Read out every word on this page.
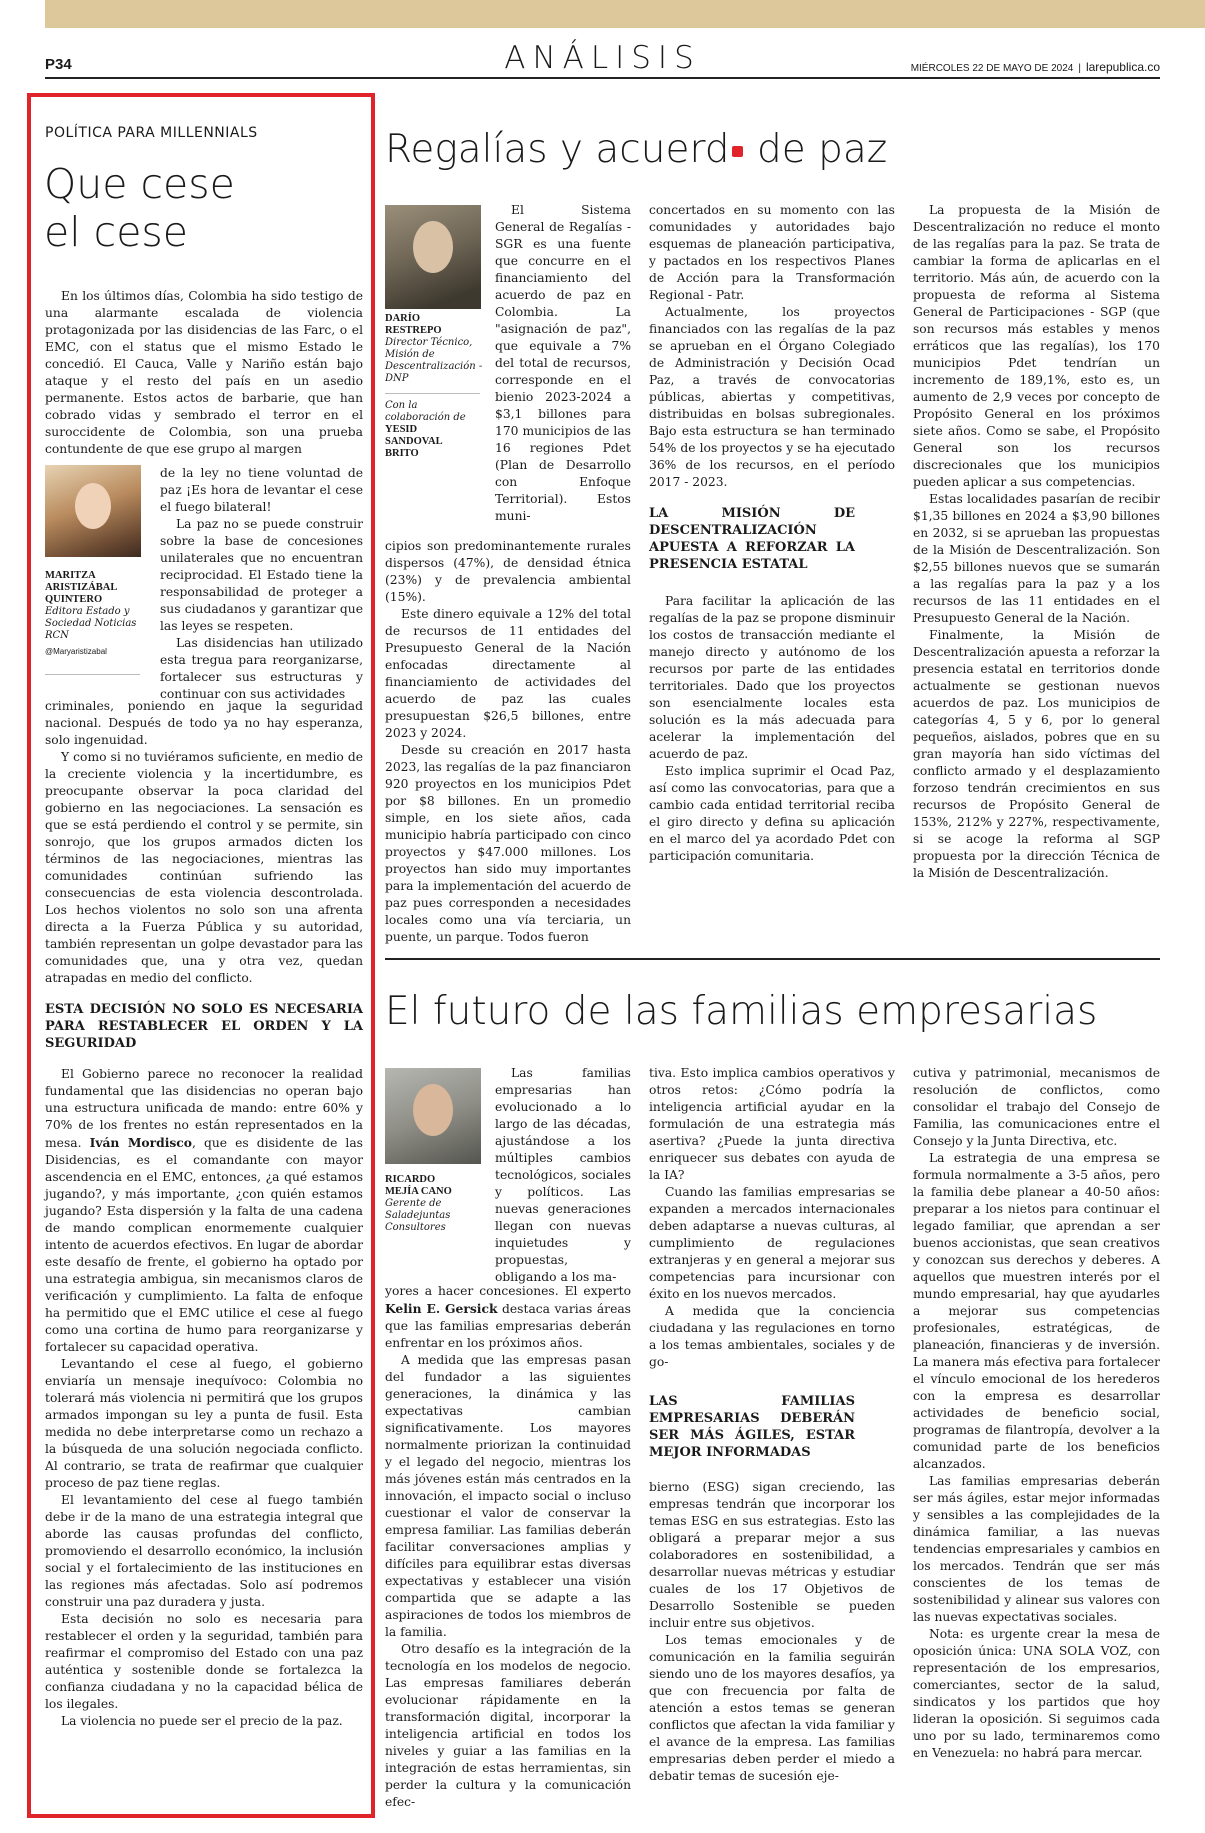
P34	ANÁLISIS	MIÉRCOLES 22 DE MAYO DE 2024 | larepublica.co
POLÍTICA PARA MILLENNIALS
Que cese
el cese

En los últimos días, Colombia ha sido testigo de una alarmante escalada de violencia protagonizada por las disidencias de las Farc, o el EMC, con el status que el mismo Estado le concedió. El Cauca, Valle y Nariño están bajo ataque y el resto del país en un asedio permanente. Estos actos de barbarie, que han cobrado vidas y sembrado el terror en el suroccidente de Colombia, son una prueba contundente de que ese grupo al margen

MARITZA
ARISTIZÁBAL
QUINTERO
Editora Estado y Sociedad Noticias RCN
@Maryaristizabal

de la ley no tiene voluntad de paz ¡Es hora de levantar el cese el fuego bilateral!

La paz no se puede construir sobre la base de concesiones unilaterales que no encuentran reciprocidad. El Estado tiene la responsabilidad de proteger a sus ciudadanos y garantizar que las leyes se respeten.

Las disidencias han utilizado esta tregua para reorganizarse, fortalecer sus estructuras y continuar con sus actividades

criminales, poniendo en jaque la seguridad nacional. Después de todo ya no hay esperanza, solo ingenuidad.

Y como si no tuviéramos suficiente, en medio de la creciente violencia y la incertidumbre, es preocupante observar la poca claridad del gobierno en las negociaciones. La sensación es que se está perdiendo el control y se permite, sin sonrojo, que los grupos armados dicten los términos de las negociaciones, mientras las comunidades continúan sufriendo las consecuencias de esta violencia descontrolada. Los hechos violentos no solo son una afrenta directa a la Fuerza Pública y su autoridad, también representan un golpe devastador para las comunidades que, una y otra vez, quedan atrapadas en medio del conflicto.

ESTA DECISIÓN NO SOLO ES NECESARIA PARA RESTABLECER EL ORDEN Y LA SEGURIDAD

El Gobierno parece no reconocer la realidad fundamental que las disidencias no operan bajo una estructura unificada de mando: entre 60% y 70% de los frentes no están representados en la mesa. Iván Mordisco, que es disidente de las Disidencias, es el comandante con mayor ascendencia en el EMC, entonces, ¿a qué estamos jugando?, y más importante, ¿con quién estamos jugando? Esta dispersión y la falta de una cadena de mando complican enormemente cualquier intento de acuerdos efectivos. En lugar de abordar este desafío de frente, el gobierno ha optado por una estrategia ambigua, sin mecanismos claros de verificación y cumplimiento. La falta de enfoque ha permitido que el EMC utilice el cese al fuego como una cortina de humo para reorganizarse y fortalecer su capacidad operativa.

Levantando el cese al fuego, el gobierno enviaría un mensaje inequívoco: Colombia no tolerará más violencia ni permitirá que los grupos armados impongan su ley a punta de fusil. Esta medida no debe interpretarse como un rechazo a la búsqueda de una solución negociada conflicto. Al contrario, se trata de reafirmar que cualquier proceso de paz tiene reglas.

El levantamiento del cese al fuego también debe ir de la mano de una estrategia integral que aborde las causas profundas del conflicto, promoviendo el desarrollo económico, la inclusión social y el fortalecimiento de las instituciones en las regiones más afectadas. Solo así podremos construir una paz duradera y justa.

Esta decisión no solo es necesaria para restablecer el orden y la seguridad, también para reafirmar el compromiso del Estado con una paz auténtica y sostenible donde se fortalezca la confianza ciudadana y no la capacidad bélica de los ilegales.

La violencia no puede ser el precio de la paz.

Regalías y acuerd de paz
DARÍO
RESTREPO
Director Técnico, Misión de Descentralización - DNP
Con la colaboración de
YESID
SANDOVAL
BRITO

El Sistema General de Regalías - SGR es una fuente que concurre en el financiamiento del acuerdo de paz en Colombia. La "asignación de paz", que equivale a 7% del total de recursos, corresponde en el bienio 2023-2024 a $3,1 billones para 170 municipios de las 16 regiones Pdet (Plan de Desarrollo con Enfoque Territorial). Estos muni-

cipios son predominantemente rurales dispersos (47%), de densidad étnica (23%) y de prevalencia ambiental (15%).

Este dinero equivale a 12% del total de recursos de 11 entidades del Presupuesto General de la Nación enfocadas directamente al financiamiento de actividades del acuerdo de paz las cuales presupuestan $26,5 billones, entre 2023 y 2024.

Desde su creación en 2017 hasta 2023, las regalías de la paz financiaron 920 proyectos en los municipios Pdet por $8 billones. En un promedio simple, en los siete años, cada municipio habría participado con cinco proyectos y $47.000 millones. Los proyectos han sido muy importantes para la implementación del acuerdo de paz pues corresponden a necesidades locales como una vía terciaria, un puente, un parque. Todos fueron

concertados en su momento con las comunidades y autoridades bajo esquemas de planeación participativa, y pactados en los respectivos Planes de Acción para la Transformación Regional - Patr.

Actualmente, los proyectos financiados con las regalías de la paz se aprueban en el Órgano Colegiado de Administración y Decisión Ocad Paz, a través de convocatorias públicas, abiertas y competitivas, distribuidas en bolsas subregionales. Bajo esta estructura se han terminado 54% de los proyectos y se ha ejecutado 36% de los recursos, en el período 2017 - 2023.

LA MISIÓN DE DESCENTRALIZACIÓN APUESTA A REFORZAR LA PRESENCIA ESTATAL

Para facilitar la aplicación de las regalías de la paz se propone disminuir los costos de transacción mediante el manejo directo y autónomo de los recursos por parte de las entidades territoriales. Dado que los proyectos son esencialmente locales esta solución es la más adecuada para acelerar la implementación del acuerdo de paz.

Esto implica suprimir el Ocad Paz, así como las convocatorias, para que a cambio cada entidad territorial reciba el giro directo y defina su aplicación en el marco del ya acordado Pdet con participación comunitaria.

La propuesta de la Misión de Descentralización no reduce el monto de las regalías para la paz. Se trata de cambiar la forma de aplicarlas en el territorio. Más aún, de acuerdo con la propuesta de reforma al Sistema General de Participaciones - SGP (que son recursos más estables y menos erráticos que las regalías), los 170 municipios Pdet tendrían un incremento de 189,1%, esto es, un aumento de 2,9 veces por concepto de Propósito General en los próximos siete años. Como se sabe, el Propósito General son los recursos discrecionales que los municipios pueden aplicar a sus competencias.

Estas localidades pasarían de recibir $1,35 billones en 2024 a $3,90 billones en 2032, si se aprueban las propuestas de la Misión de Descentralización. Son $2,55 billones nuevos que se sumarán a las regalías para la paz y a los recursos de las 11 entidades en el Presupuesto General de la Nación.

Finalmente, la Misión de Descentralización apuesta a reforzar la presencia estatal en territorios donde actualmente se gestionan nuevos acuerdos de paz. Los municipios de categorías 4, 5 y 6, por lo general pequeños, aislados, pobres que en su gran mayoría han sido víctimas del conflicto armado y el desplazamiento forzoso tendrán crecimientos en sus recursos de Propósito General de 153%, 212% y 227%, respectivamente, si se acoge la reforma al SGP propuesta por la dirección Técnica de la Misión de Descentralización.

El futuro de las familias empresarias
RICARDO
MEJÍA CANO
Gerente de Saladejuntas Consultores

Las familias empresarias han evolucionado a lo largo de las décadas, ajustándose a los múltiples cambios tecnológicos, sociales y políticos. Las nuevas generaciones llegan con nuevas inquietudes y propuestas, obligando a los ma-

yores a hacer concesiones. El experto Kelin E. Gersick destaca varias áreas que las familias empresarias deberán enfrentar en los próximos años.

A medida que las empresas pasan del fundador a las siguientes generaciones, la dinámica y las expectativas cambian significativamente. Los mayores normalmente priorizan la continuidad y el legado del negocio, mientras los más jóvenes están más centrados en la innovación, el impacto social o incluso cuestionar el valor de conservar la empresa familiar. Las familias deberán facilitar conversaciones amplias y difíciles para equilibrar estas diversas expectativas y establecer una visión compartida que se adapte a las aspiraciones de todos los miembros de la familia.

Otro desafío es la integración de la tecnología en los modelos de negocio. Las empresas familiares deberán evolucionar rápidamente en la transformación digital, incorporar la inteligencia artificial en todos los niveles y guiar a las familias en la integración de estas herramientas, sin perder la cultura y la comunicación efec-

tiva. Esto implica cambios operativos y otros retos: ¿Cómo podría la inteligencia artificial ayudar en la formulación de una estrategia más asertiva? ¿Puede la junta directiva enriquecer sus debates con ayuda de la IA?

Cuando las familias empresarias se expanden a mercados internacionales deben adaptarse a nuevas culturas, al cumplimiento de regulaciones extranjeras y en general a mejorar sus competencias para incursionar con éxito en los nuevos mercados.

A medida que la conciencia ciudadana y las regulaciones en torno a los temas ambientales, sociales y de go-

LAS FAMILIAS EMPRESARIAS DEBERÁN SER MÁS ÁGILES, ESTAR MEJOR INFORMADAS

bierno (ESG) sigan creciendo, las empresas tendrán que incorporar los temas ESG en sus estrategias. Esto las obligará a preparar mejor a sus colaboradores en sostenibilidad, a desarrollar nuevas métricas y estudiar cuales de los 17 Objetivos de Desarrollo Sostenible se pueden incluir entre sus objetivos.

Los temas emocionales y de comunicación en la familia seguirán siendo uno de los mayores desafíos, ya que con frecuencia por falta de atención a estos temas se generan conflictos que afectan la vida familiar y el avance de la empresa. Las familias empresarias deben perder el miedo a debatir temas de sucesión eje-

cutiva y patrimonial, mecanismos de resolución de conflictos, como consolidar el trabajo del Consejo de Familia, las comunicaciones entre el Consejo y la Junta Directiva, etc.

La estrategia de una empresa se formula normalmente a 3-5 años, pero la familia debe planear a 40-50 años: preparar a los nietos para continuar el legado familiar, que aprendan a ser buenos accionistas, que sean creativos y conozcan sus derechos y deberes. A aquellos que muestren interés por el mundo empresarial, hay que ayudarles a mejorar sus competencias profesionales, estratégicas, de planeación, financieras y de inversión. La manera más efectiva para fortalecer el vínculo emocional de los herederos con la empresa es desarrollar actividades de beneficio social, programas de filantropía, devolver a la comunidad parte de los beneficios alcanzados.

Las familias empresarias deberán ser más ágiles, estar mejor informadas y sensibles a las complejidades de la dinámica familiar, a las nuevas tendencias empresariales y cambios en los mercados. Tendrán que ser más conscientes de los temas de sostenibilidad y alinear sus valores con las nuevas expectativas sociales.

Nota: es urgente crear la mesa de oposición única: UNA SOLA VOZ, con representación de los empresarios, comerciantes, sector de la salud, sindicatos y los partidos que hoy lideran la oposición. Si seguimos cada uno por su lado, terminaremos como en Venezuela: no habrá para mercar.
